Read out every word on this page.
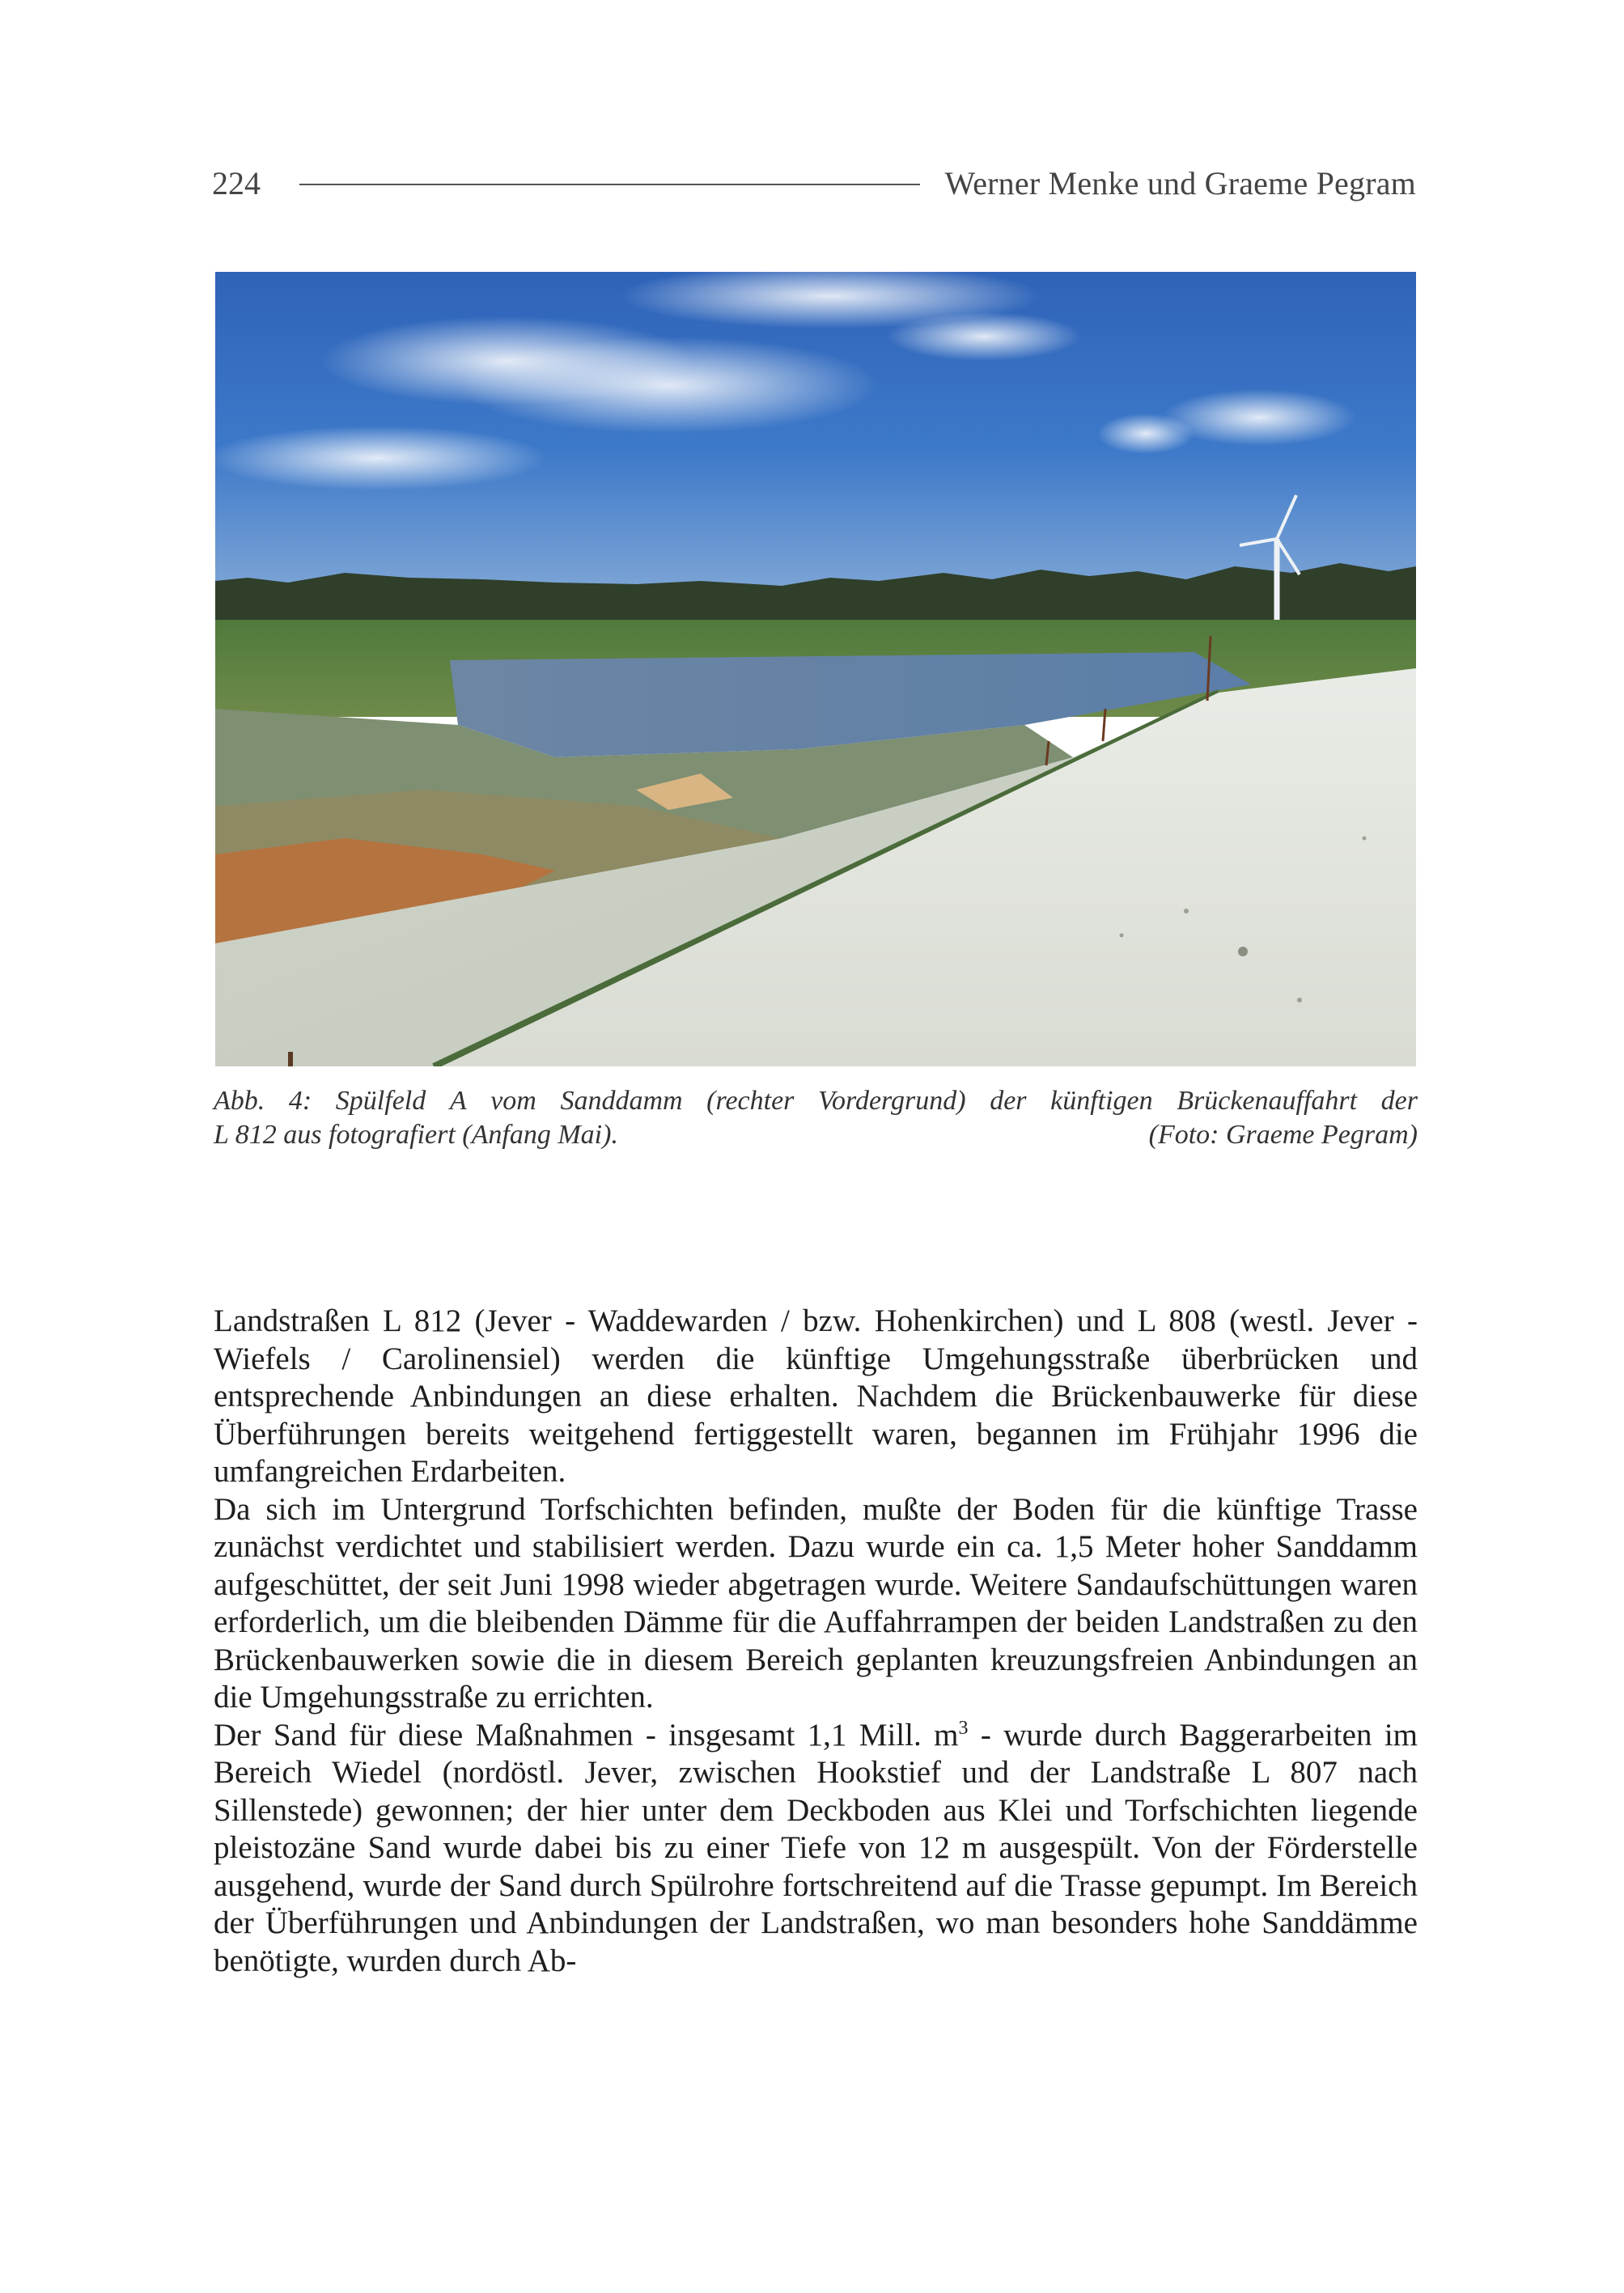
224	Werner Menke und Graeme Pegram
Abb. 4: Spülfeld A vom Sanddamm (rechter Vordergrund) der künftigen Brückenauffahrt der
L 812 aus fotografiert (Anfang Mai).	(Foto: Graeme Pegram)

Landstraßen L 812 (Jever - Waddewarden / bzw. Hohenkirchen) und L 808 (westl. Jever - Wiefels / Carolinensiel) werden die künftige Umgehungsstraße überbrücken und entsprechende Anbindungen an diese erhalten. Nachdem die Brückenbauwerke für diese Überführungen bereits weitgehend fertiggestellt waren, begannen im Frühjahr 1996 die umfangreichen Erdarbeiten.

Da sich im Untergrund Torfschichten befinden, mußte der Boden für die künftige Trasse zunächst verdichtet und stabilisiert werden. Dazu wurde ein ca. 1,5 Meter hoher Sanddamm aufgeschüttet, der seit Juni 1998 wieder abgetragen wurde. Weitere Sandaufschüttungen waren erforderlich, um die bleibenden Dämme für die Auffahrrampen der beiden Landstraßen zu den Brückenbauwerken sowie die in diesem Bereich geplanten kreuzungsfreien Anbindungen an die Umgehungsstraße zu errichten.

Der Sand für diese Maßnahmen - insgesamt 1,1 Mill. $m^3$ - wurde durch Baggerarbeiten im Bereich Wiedel (nordöstl. Jever, zwischen Hookstief und der Landstraße L 807 nach Sillenstede) gewonnen; der hier unter dem Deckboden aus Klei und Torfschichten liegende pleistozäne Sand wurde dabei bis zu einer Tiefe von 12 m ausgespült. Von der Förderstelle ausgehend, wurde der Sand durch Spülrohre fortschreitend auf die Trasse gepumpt. Im Bereich der Überführungen und Anbindungen der Landstraßen, wo man besonders hohe Sanddämme benötigte, wurden durch Ab-
